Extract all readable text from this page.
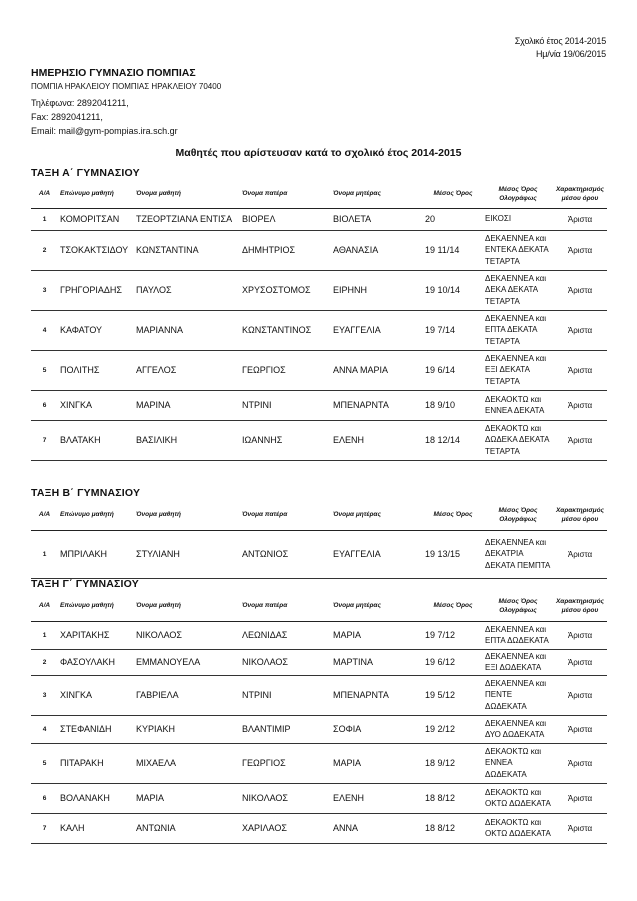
Σχολικό έτος 2014-2015
Ημ/νία 19/06/2015
ΗΜΕΡΗΣΙΟ ΓΥΜΝΑΣΙΟ ΠΟΜΠΙΑΣ
ΠΟΜΠΙΑ ΗΡΑΚΛΕΙΟΥ ΠΟΜΠΙΑΣ ΗΡΑΚΛΕΙΟΥ 70400
Τηλέφωνα: 2892041211,
Fax: 2892041211,
Email: mail@gym-pompias.ira.sch.gr
Μαθητές που αρίστευσαν κατά το σχολικό έτος 2014-2015
ΤΑΞΗ Α΄ ΓΥΜΝΑΣΙΟΥ
Α/Α	Επώνυμο μαθητή	Όνομα μαθητή	Όνομα πατέρα	Όνομα μητέρας	Μέσος Όρος	Μέσος Όρος Ολογράφως	Χαρακτηρισμός μέσου όρου
1	ΚΟΜΟΡΙΤΣΑΝ	ΤΖΕΟΡΤΖΙΑΝΑ ΕΝΤΙΣΑ	ΒΙΟΡΕΛ	ΒΙΟΛΕΤΑ	20	ΕΙΚΟΣΙ	Άριστα
2	ΤΣΟΚΑΚΤΣΙΔΟΥ	ΚΩΝΣΤΑΝΤΙΝΑ	ΔΗΜΗΤΡΙΟΣ	ΑΘΑΝΑΣΙΑ	19 11/14	ΔΕΚΑΕΝΝΕΑ και ΕΝΤΕΚΑ ΔΕΚΑΤΑ ΤΕΤΑΡΤΑ	Άριστα
3	ΓΡΗΓΟΡΙΑΔΗΣ	ΠΑΥΛΟΣ	ΧΡΥΣΟΣΤΟΜΟΣ	ΕΙΡΗΝΗ	19 10/14	ΔΕΚΑΕΝΝΕΑ και ΔΕΚΑ ΔΕΚΑΤΑ ΤΕΤΑΡΤΑ	Άριστα
4	ΚΑΦΑΤΟΥ	ΜΑΡΙΑΝΝΑ	ΚΩΝΣΤΑΝΤΙΝΟΣ	ΕΥΑΓΓΕΛΙΑ	19 7/14	ΔΕΚΑΕΝΝΕΑ και ΕΠΤΑ ΔΕΚΑΤΑ ΤΕΤΑΡΤΑ	Άριστα
5	ΠΟΛΙΤΗΣ	ΑΓΓΕΛΟΣ	ΓΕΩΡΓΙΟΣ	ΑΝΝΑ ΜΑΡΙΑ	19 6/14	ΔΕΚΑΕΝΝΕΑ και ΕΞΙ ΔΕΚΑΤΑ ΤΕΤΑΡΤΑ	Άριστα
6	ΧΙΝΓΚΑ	ΜΑΡΙΝΑ	ΝΤΡΙΝΙ	ΜΠΕΝΑΡΝΤΑ	18 9/10	ΔΕΚΑΟΚΤΩ και ΕΝΝΕΑ ΔΕΚΑΤΑ	Άριστα
7	ΒΛΑΤΑΚΗ	ΒΑΣΙΛΙΚΗ	ΙΩΑΝΝΗΣ	ΕΛΕΝΗ	18 12/14	ΔΕΚΑΟΚΤΩ και ΔΩΔΕΚΑ ΔΕΚΑΤΑ ΤΕΤΑΡΤΑ	Άριστα
ΤΑΞΗ Β΄ ΓΥΜΝΑΣΙΟΥ
Α/Α	Επώνυμο μαθητή	Όνομα μαθητή	Όνομα πατέρα	Όνομα μητέρας	Μέσος Όρος	Μέσος Όρος Ολογράφως	Χαρακτηρισμός μέσου όρου
1	ΜΠΡΙΛΑΚΗ	ΣΤΥΛΙΑΝΗ	ΑΝΤΩΝΙΟΣ	ΕΥΑΓΓΕΛΙΑ	19 13/15	ΔΕΚΑΕΝΝΕΑ και ΔΕΚΑΤΡΙΑ ΔΕΚΑΤΑ ΠΕΜΠΤΑ	Άριστα
ΤΑΞΗ Γ΄ ΓΥΜΝΑΣΙΟΥ
Α/Α	Επώνυμο μαθητή	Όνομα μαθητή	Όνομα πατέρα	Όνομα μητέρας	Μέσος Όρος	Μέσος Όρος Ολογράφως	Χαρακτηρισμός μέσου όρου
1	ΧΑΡΙΤΑΚΗΣ	ΝΙΚΟΛΑΟΣ	ΛΕΩΝΙΔΑΣ	ΜΑΡΙΑ	19 7/12	ΔΕΚΑΕΝΝΕΑ και ΕΠΤΑ ΔΩΔΕΚΑΤΑ	Άριστα
2	ΦΑΣΟΥΛΑΚΗ	ΕΜΜΑΝΟΥΕΛΑ	ΝΙΚΟΛΑΟΣ	ΜΑΡΤΙΝΑ	19 6/12	ΔΕΚΑΕΝΝΕΑ και ΕΞΙ ΔΩΔΕΚΑΤΑ	Άριστα
3	ΧΙΝΓΚΑ	ΓΑΒΡΙΕΛΑ	ΝΤΡΙΝΙ	ΜΠΕΝΑΡΝΤΑ	19 5/12	ΔΕΚΑΕΝΝΕΑ και ΠΕΝΤΕ ΔΩΔΕΚΑΤΑ	Άριστα
4	ΣΤΕΦΑΝΙΔΗ	ΚΥΡΙΑΚΗ	ΒΛΑΝΤΙΜΙΡ	ΣΟΦΙΑ	19 2/12	ΔΕΚΑΕΝΝΕΑ και ΔΥΟ ΔΩΔΕΚΑΤΑ	Άριστα
5	ΠΙΤΑΡΑΚΗ	ΜΙΧΑΕΛΑ	ΓΕΩΡΓΙΟΣ	ΜΑΡΙΑ	18 9/12	ΔΕΚΑΟΚΤΩ και ΕΝΝΕΑ ΔΩΔΕΚΑΤΑ	Άριστα
6	ΒΟΛΑΝΑΚΗ	ΜΑΡΙΑ	ΝΙΚΟΛΑΟΣ	ΕΛΕΝΗ	18 8/12	ΔΕΚΑΟΚΤΩ και ΟΚΤΩ ΔΩΔΕΚΑΤΑ	Άριστα
7	ΚΑΛΗ	ΑΝΤΩΝΙΑ	ΧΑΡΙΛΑΟΣ	ΑΝΝΑ	18 8/12	ΔΕΚΑΟΚΤΩ και ΟΚΤΩ ΔΩΔΕΚΑΤΑ	Άριστα
